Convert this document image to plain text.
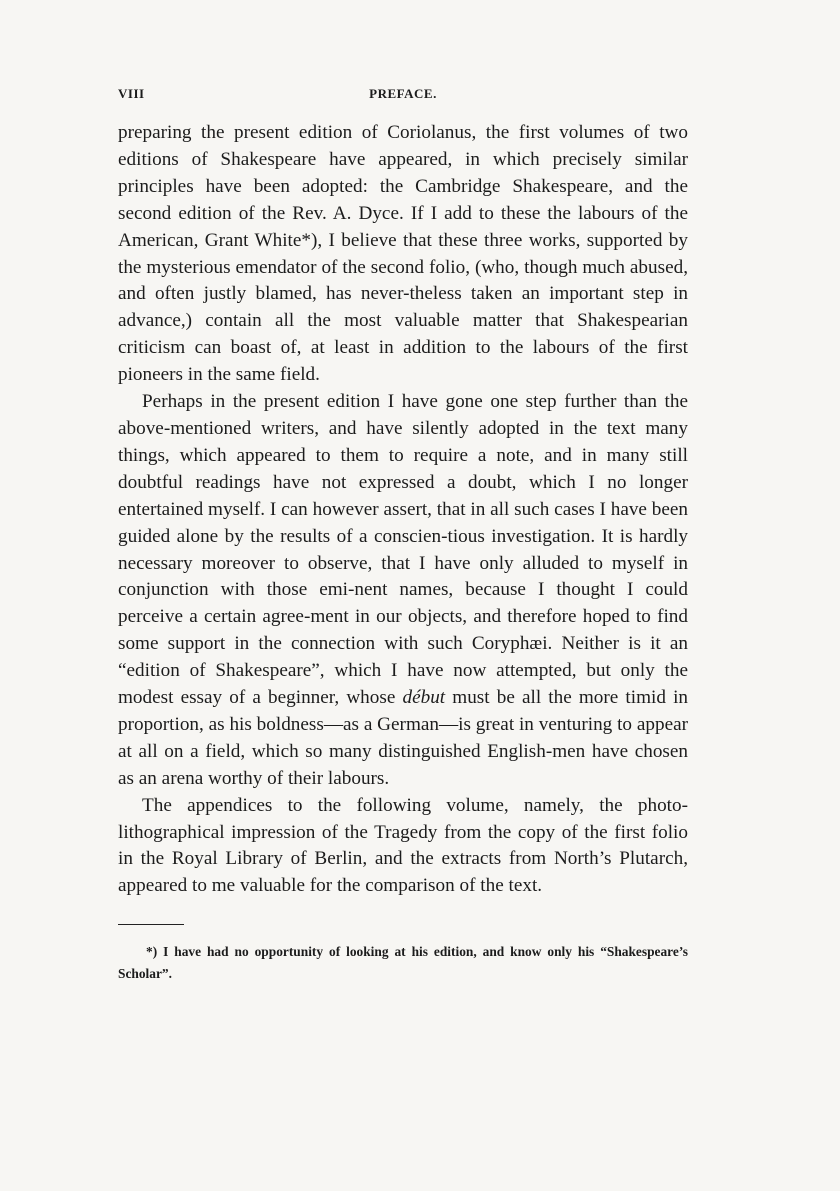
VIII	PREFACE.

preparing the present edition of Coriolanus, the first volumes of two editions of Shakespeare have appeared, in which precisely similar principles have been adopted: the Cambridge Shakespeare, and the second edition of the Rev. A. Dyce. If I add to these the labours of the American, Grant White*), I believe that these three works, supported by the mysterious emendator of the second folio, (who, though much abused, and often justly blamed, has never-theless taken an important step in advance,) contain all the most valuable matter that Shakespearian criticism can boast of, at least in addition to the labours of the first pioneers in the same field.

Perhaps in the present edition I have gone one step further than the above-mentioned writers, and have silently adopted in the text many things, which appeared to them to require a note, and in many still doubtful readings have not expressed a doubt, which I no longer entertained myself. I can however assert, that in all such cases I have been guided alone by the results of a conscien-tious investigation. It is hardly necessary moreover to observe, that I have only alluded to myself in conjunction with those emi-nent names, because I thought I could perceive a certain agree-ment in our objects, and therefore hoped to find some support in the connection with such Coryphæi. Neither is it an “edition of Shakespeare”, which I have now attempted, but only the modest essay of a beginner, whose début must be all the more timid in proportion, as his boldness—as a German—is great in venturing to appear at all on a field, which so many distinguished English-men have chosen as an arena worthy of their labours.

The appendices to the following volume, namely, the photo-lithographical impression of the Tragedy from the copy of the first folio in the Royal Library of Berlin, and the extracts from North’s Plutarch, appeared to me valuable for the comparison of the text.

*) I have had no opportunity of looking at his edition, and know only his “Shakespeare’s Scholar”.
